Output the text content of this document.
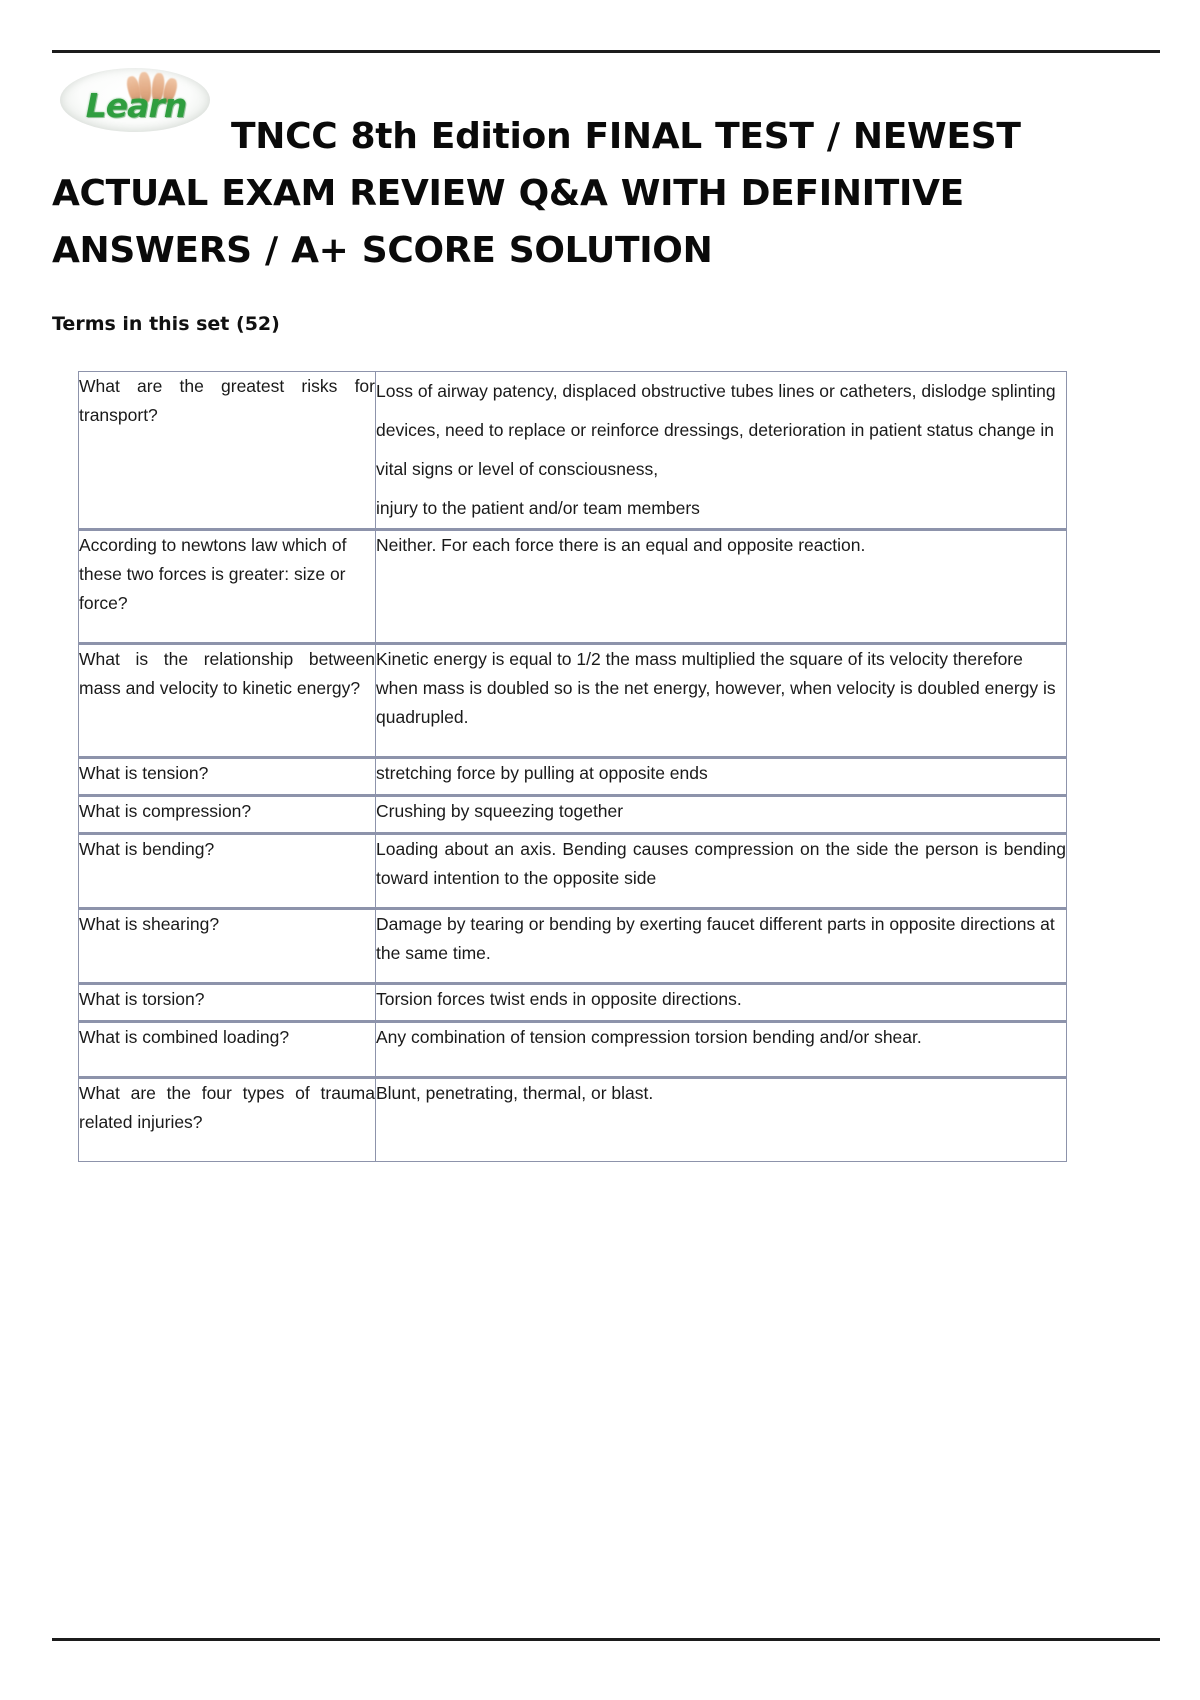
Learn
TNCC 8th Edition FINAL TEST / NEWEST ACTUAL EXAM REVIEW Q&A WITH DEFINITIVE ANSWERS / A+ SCORE SOLUTION
Terms in this set (52)
What are the greatest risks for transport?	Loss of airway patency, displaced obstructive tubes lines or catheters, dislodge splinting devices, need to replace or reinforce dressings, deterioration in patient status change in vital signs or level of consciousness,
injury to the patient and/or team members

According to newtons law which of these two forces is greater: size or force?	Neither. For each force there is an equal and opposite reaction.

What is the relationship between mass and velocity to kinetic energy?	Kinetic energy is equal to 1/2 the mass multiplied the square of its velocity therefore when mass is doubled so is the net energy, however, when velocity is doubled energy is quadrupled.

What is tension?	stretching force by pulling at opposite ends

What is compression?	Crushing by squeezing together

What is bending?	Loading about an axis. Bending causes compression on the side the person is bending toward intention to the opposite side

What is shearing?	Damage by tearing or bending by exerting faucet different parts in opposite directions at the same time.

What is torsion?	Torsion forces twist ends in opposite directions.

What is combined loading?	Any combination of tension compression torsion bending and/or shear.

What are the four types of trauma related injuries?	Blunt, penetrating, thermal, or blast.
